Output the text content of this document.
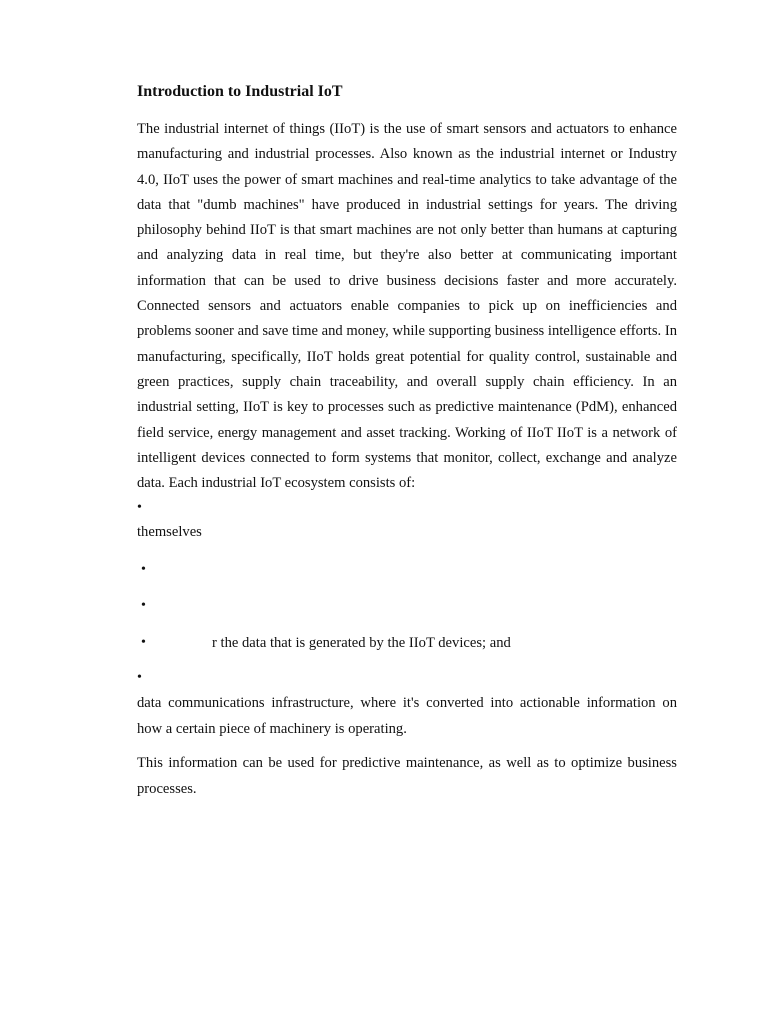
Introduction to Industrial IoT

The industrial internet of things (IIoT) is the use of smart sensors and actuators to enhance manufacturing and industrial processes. Also known as the industrial internet or Industry 4.0, IIoT uses the power of smart machines and real-time analytics to take advantage of the data that "dumb machines" have produced in industrial settings for years. The driving philosophy behind IIoT is that smart machines are not only better than humans at capturing and analyzing data in real time, but they're also better at communicating important information that can be used to drive business decisions faster and more accurately. Connected sensors and actuators enable companies to pick up on inefficiencies and problems sooner and save time and money, while supporting business intelligence efforts. In manufacturing, specifically, IIoT holds great potential for quality control, sustainable and green practices, supply chain traceability, and overall supply chain efficiency. In an industrial setting, IIoT is key to processes such as predictive maintenance (PdM), enhanced field service, energy management and asset tracking. Working of IIoT IIoT is a network of intelligent devices connected to form systems that monitor, collect, exchange and analyze data. Each industrial IoT ecosystem consists of:

•

themselves

•
•
•	r the data that is generated by the IIoT devices; and
•

data communications infrastructure, where it's converted into actionable information on how a certain piece of machinery is operating.

This information can be used for predictive maintenance, as well as to optimize business processes.
